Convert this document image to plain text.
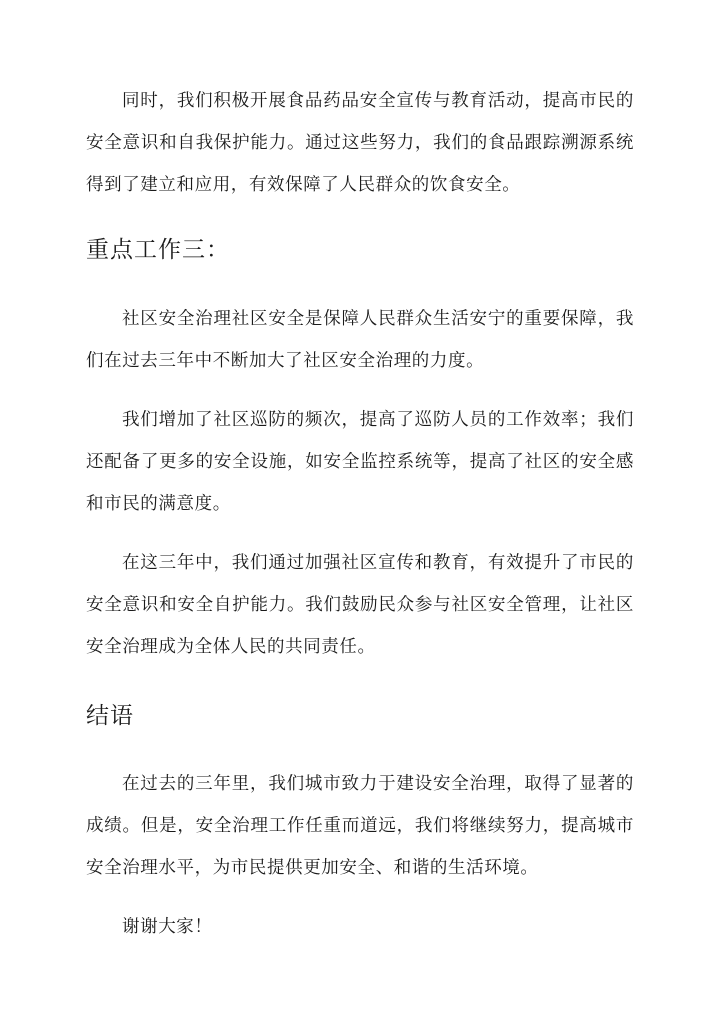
同时，我们积极开展食品药品安全宣传与教育活动，提高市民的安全意识和自我保护能力。通过这些努力，我们的食品跟踪溯源系统得到了建立和应用，有效保障了人民群众的饮食安全。

重点工作三：

社区安全治理社区安全是保障人民群众生活安宁的重要保障，我们在过去三年中不断加大了社区安全治理的力度。

我们增加了社区巡防的频次，提高了巡防人员的工作效率；我们还配备了更多的安全设施，如安全监控系统等，提高了社区的安全感和市民的满意度。

在这三年中，我们通过加强社区宣传和教育，有效提升了市民的安全意识和安全自护能力。我们鼓励民众参与社区安全管理，让社区安全治理成为全体人民的共同责任。

结语

在过去的三年里，我们城市致力于建设安全治理，取得了显著的成绩。但是，安全治理工作任重而道远，我们将继续努力，提高城市安全治理水平，为市民提供更加安全、和谐的生活环境。

谢谢大家！
